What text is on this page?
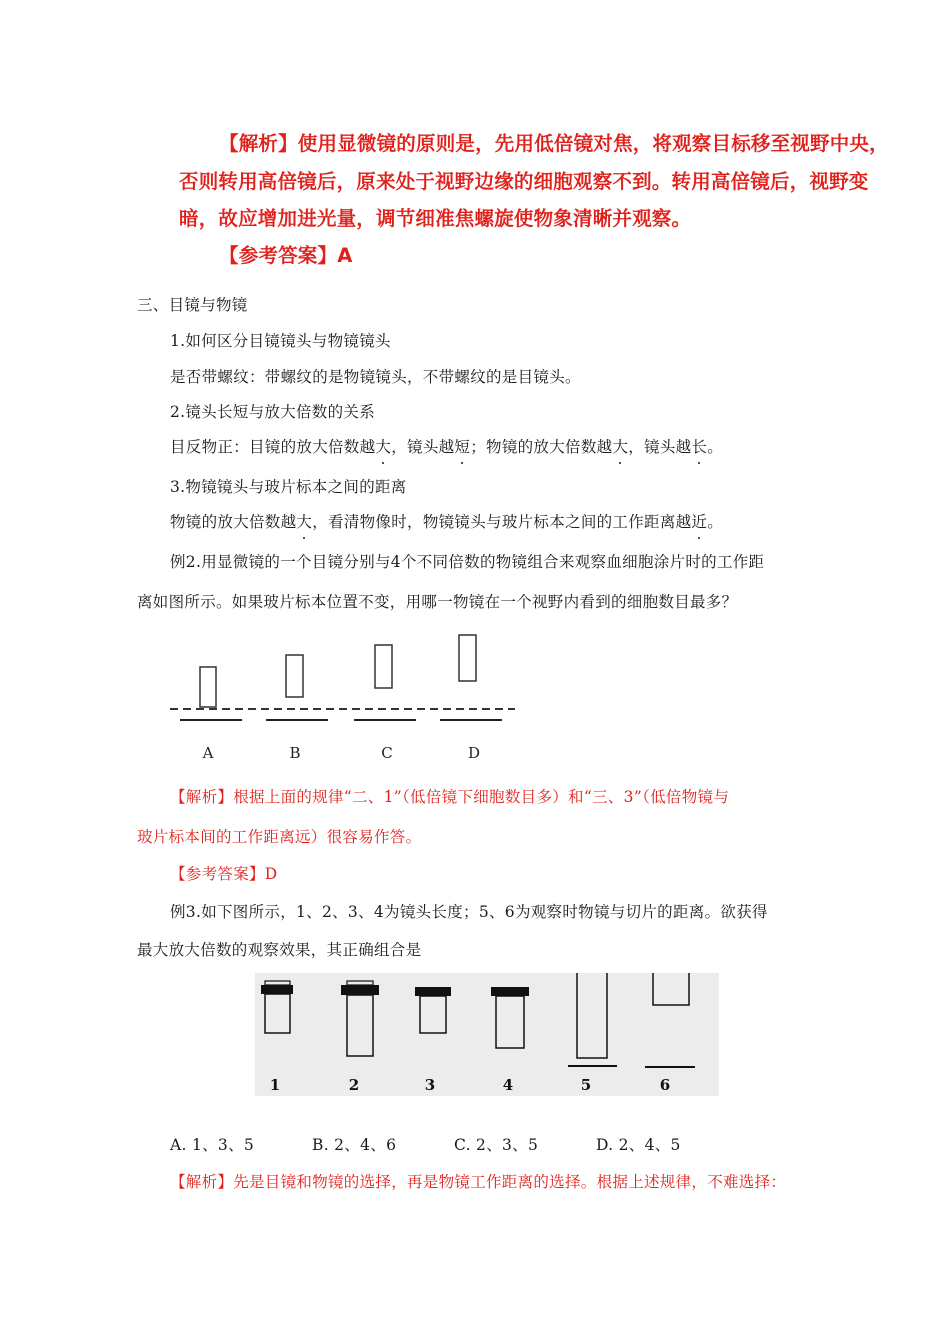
【解析】使用显微镜的原则是，先用低倍镜对焦，将观察目标移至视野中央，
否则转用高倍镜后，原来处于视野边缘的细胞观察不到。转用高倍镜后，视野变
暗，故应增加进光量，调节细准焦螺旋使物象清晰并观察。
【参考答案】A
三、目镜与物镜
1.如何区分目镜镜头与物镜镜头
是否带螺纹：带螺纹的是物镜镜头，不带螺纹的是目镜头。
2.镜头长短与放大倍数的关系
目反物正：目镜的放大倍数越大，镜头越短；物镜的放大倍数越大，镜头越长。
3.物镜镜头与玻片标本之间的距离
物镜的放大倍数越大，看清物像时，物镜镜头与玻片标本之间的工作距离越近。
例2.用显微镜的一个目镜分别与4个不同倍数的物镜组合来观察血细胞涂片时的工作距
离如图所示。如果玻片标本位置不变，用哪一物镜在一个视野内看到的细胞数目最多？
A	B	C	D
【解析】根据上面的规律“二、1”（低倍镜下细胞数目多）和“三、3”（低倍物镜与
玻片标本间的工作距离远）很容易作答。
【参考答案】D
例3.如下图所示，1、2、3、4为镜头长度；5、6为观察时物镜与切片的距离。欲获得
最大放大倍数的观察效果，其正确组合是
1	2	3	4	5	6
A. 1、3、5	B. 2、4、6	C. 2、3、5	D. 2、4、5
【解析】先是目镜和物镜的选择，再是物镜工作距离的选择。根据上述规律，不难选择：
